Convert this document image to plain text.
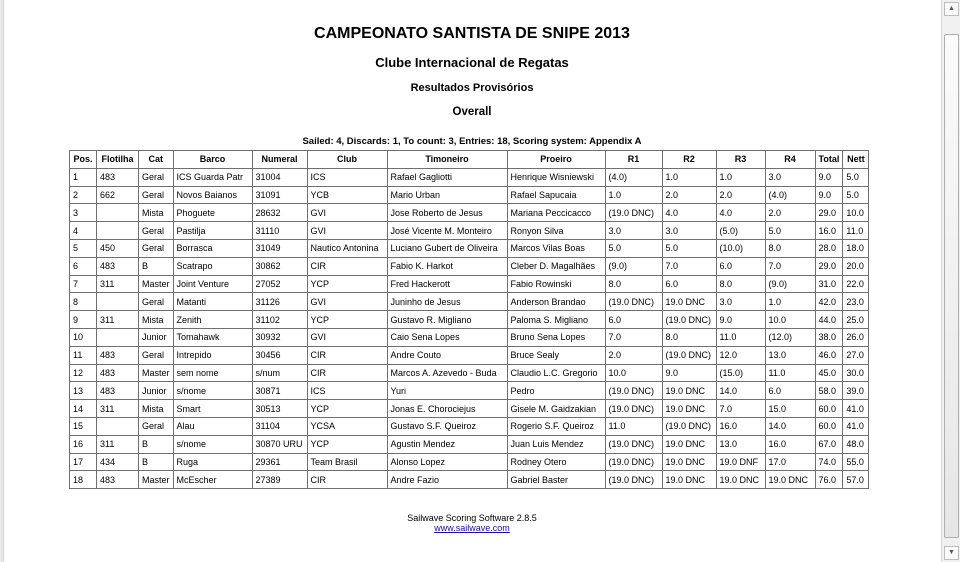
CAMPEONATO SANTISTA DE SNIPE 2013
Clube Internacional de Regatas
Resultados Provisórios
Overall
Sailed: 4, Discards: 1, To count: 3, Entries: 18, Scoring system: Appendix A
Pos.	Flotilha	Cat	Barco	Numeral	Club	Timoneiro	Proeiro	R1	R2	R3	R4	Total	Nett
1	483	Geral	ICS Guarda Patr	31004	ICS	Rafael Gagliotti	Henrique Wisniewski	(4.0)	1.0	1.0	3.0	9.0	5.0
2	662	Geral	Novos Baianos	31091	YCB	Mario Urban	Rafael Sapucaia	1.0	2.0	2.0	(4.0)	9.0	5.0
3		Mista	Phoguete	28632	GVI	Jose Roberto de Jesus	Mariana Peccicaccо	(19.0 DNC)	4.0	4.0	2.0	29.0	10.0
4		Geral	Pastilja	31110	GVI	José Vicente M. Monteiro	Ronyon Silva	3.0	3.0	(5.0)	5.0	16.0	11.0
5	450	Geral	Borrasca	31049	Nautico Antonina	Luciano Gubert de Oliveira	Marcos Vilas Boas	5.0	5.0	(10.0)	8.0	28.0	18.0
6	483	B	Scatrapo	30862	CIR	Fabio K. Harkot	Cleber D. Magalhães	(9.0)	7.0	6.0	7.0	29.0	20.0
7	311	Master	Joint Venture	27052	YCP	Fred Hackerott	Fabio Rowinski	8.0	6.0	8.0	(9.0)	31.0	22.0
8		Geral	Matanti	31126	GVI	Juninho de Jesus	Anderson Brandao	(19.0 DNC)	19.0 DNC	3.0	1.0	42.0	23.0
9	311	Mista	Zenith	31102	YCP	Gustavo R. Migliano	Paloma S. Migliano	6.0	(19.0 DNC)	9.0	10.0	44.0	25.0
10		Junior	Tomahawk	30932	GVI	Caio Sena Lopes	Bruno Sena Lopes	7.0	8.0	11.0	(12.0)	38.0	26.0
11	483	Geral	Intrepido	30456	CIR	Andre Couto	Bruce Sealy	2.0	(19.0 DNC)	12.0	13.0	46.0	27.0
12	483	Master	sem nome	s/num	CIR	Marcos A. Azevedo - Buda	Claudio L.C. Gregorio	10.0	9.0	(15.0)	11.0	45.0	30.0
13	483	Junior	s/nome	30871	ICS	Yuri	Pedro	(19.0 DNC)	19.0 DNC	14.0	6.0	58.0	39.0
14	311	Mista	Smart	30513	YCP	Jonas E. Chorociejus	Gisele M. Gaidzakian	(19.0 DNC)	19.0 DNC	7.0	15.0	60.0	41.0
15		Geral	Alau	31104	YCSA	Gustavo S.F. Queiroz	Rogerio S.F. Queiroz	11.0	(19.0 DNC)	16.0	14.0	60.0	41.0
16	311	B	s/nome	30870 URU	YCP	Agustin Mendez	Juan Luis Mendez	(19.0 DNC)	19.0 DNC	13.0	16.0	67.0	48.0
17	434	B	Ruga	29361	Team Brasil	Alonso Lopez	Rodney Otero	(19.0 DNC)	19.0 DNC	19.0 DNF	17.0	74.0	55.0
18	483	Master	McEscher	27389	CIR	Andre Fazio	Gabriel Baster	(19.0 DNC)	19.0 DNC	19.0 DNC	19.0 DNC	76.0	57.0
Sailwave Scoring Software 2.8.5
www.sailwave.com
▲
▼
